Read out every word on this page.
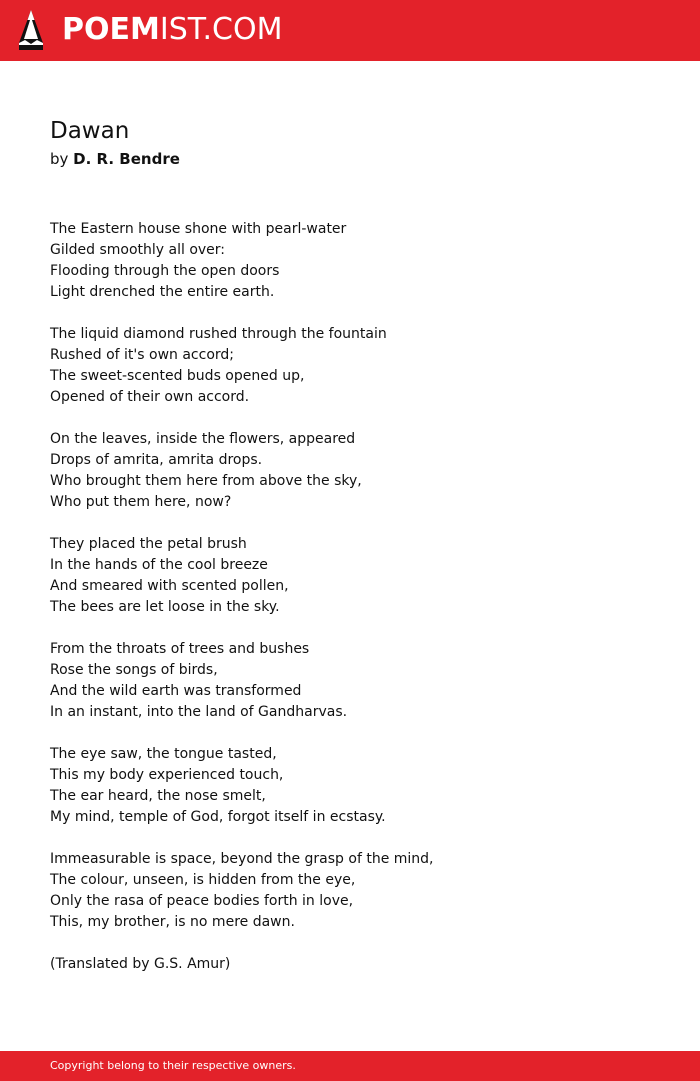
POEMIST.COM
Dawan
by D. R. Bendre
The Eastern house shone with pearl-water
Gilded smoothly all over:
Flooding through the open doors
Light drenched the entire earth.
The liquid diamond rushed through the fountain
Rushed of it's own accord;
The sweet-scented buds opened up,
Opened of their own accord.
On the leaves, inside the flowers, appeared
Drops of amrita, amrita drops.
Who brought them here from above the sky,
Who put them here, now?
They placed the petal brush
In the hands of the cool breeze
And smeared with scented pollen,
The bees are let loose in the sky.
From the throats of trees and bushes
Rose the songs of birds,
And the wild earth was transformed
In an instant, into the land of Gandharvas.
The eye saw, the tongue tasted,
This my body experienced touch,
The ear heard, the nose smelt,
My mind, temple of God, forgot itself in ecstasy.
Immeasurable is space, beyond the grasp of the mind,
The colour, unseen, is hidden from the eye,
Only the rasa of peace bodies forth in love,
This, my brother, is no mere dawn.
(Translated by G.S. Amur)
Copyright belong to their respective owners.
